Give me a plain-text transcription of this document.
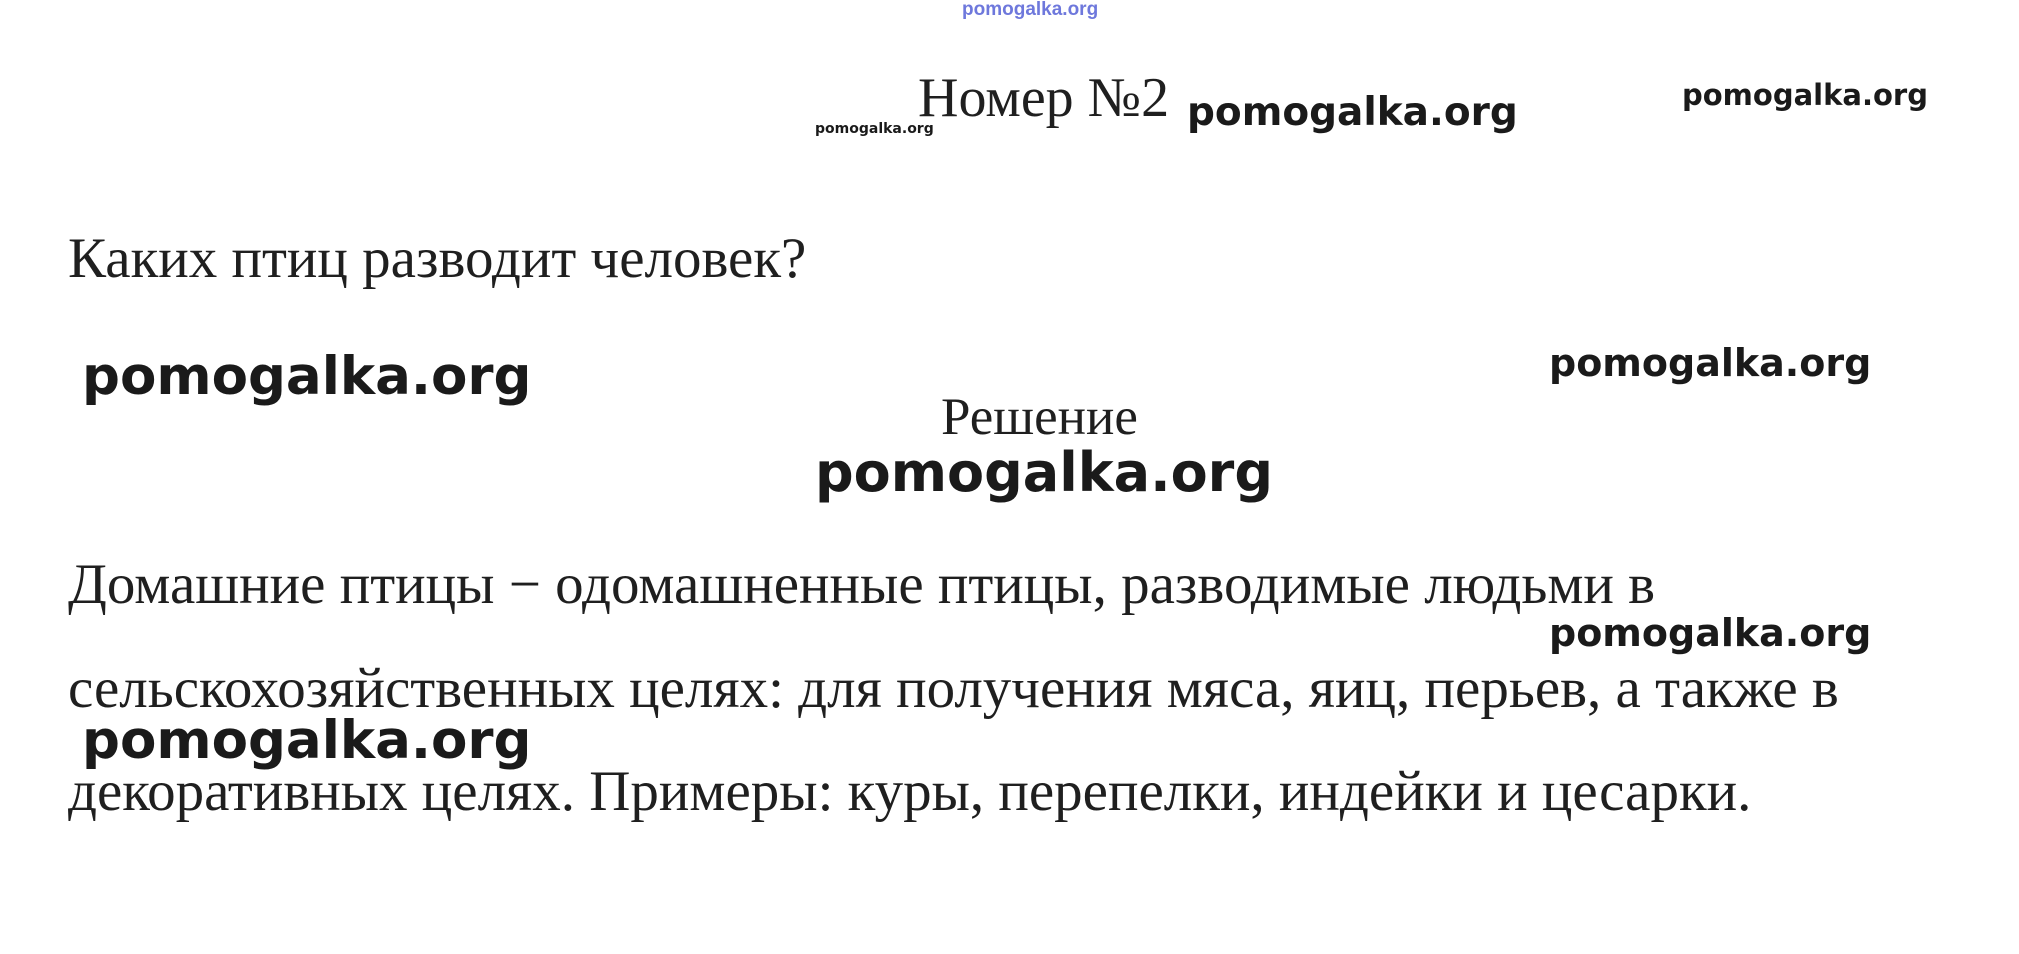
pomogalka.org
pomogalka.org
Номер №2 pomogalka.org	pomogalka.org
Каких птиц разводит человек?
pomogalka.org	pomogalka.org
Решение
pomogalka.org
Домашние птицы − одомашненные птицы, разводимые людьми в
pomogalka.org
сельскохозяйственных целях: для получения мяса, яиц, перьев, а также в
pomogalka.org
декоративных целях. Примеры: куры, перепелки, индейки и цесарки.
